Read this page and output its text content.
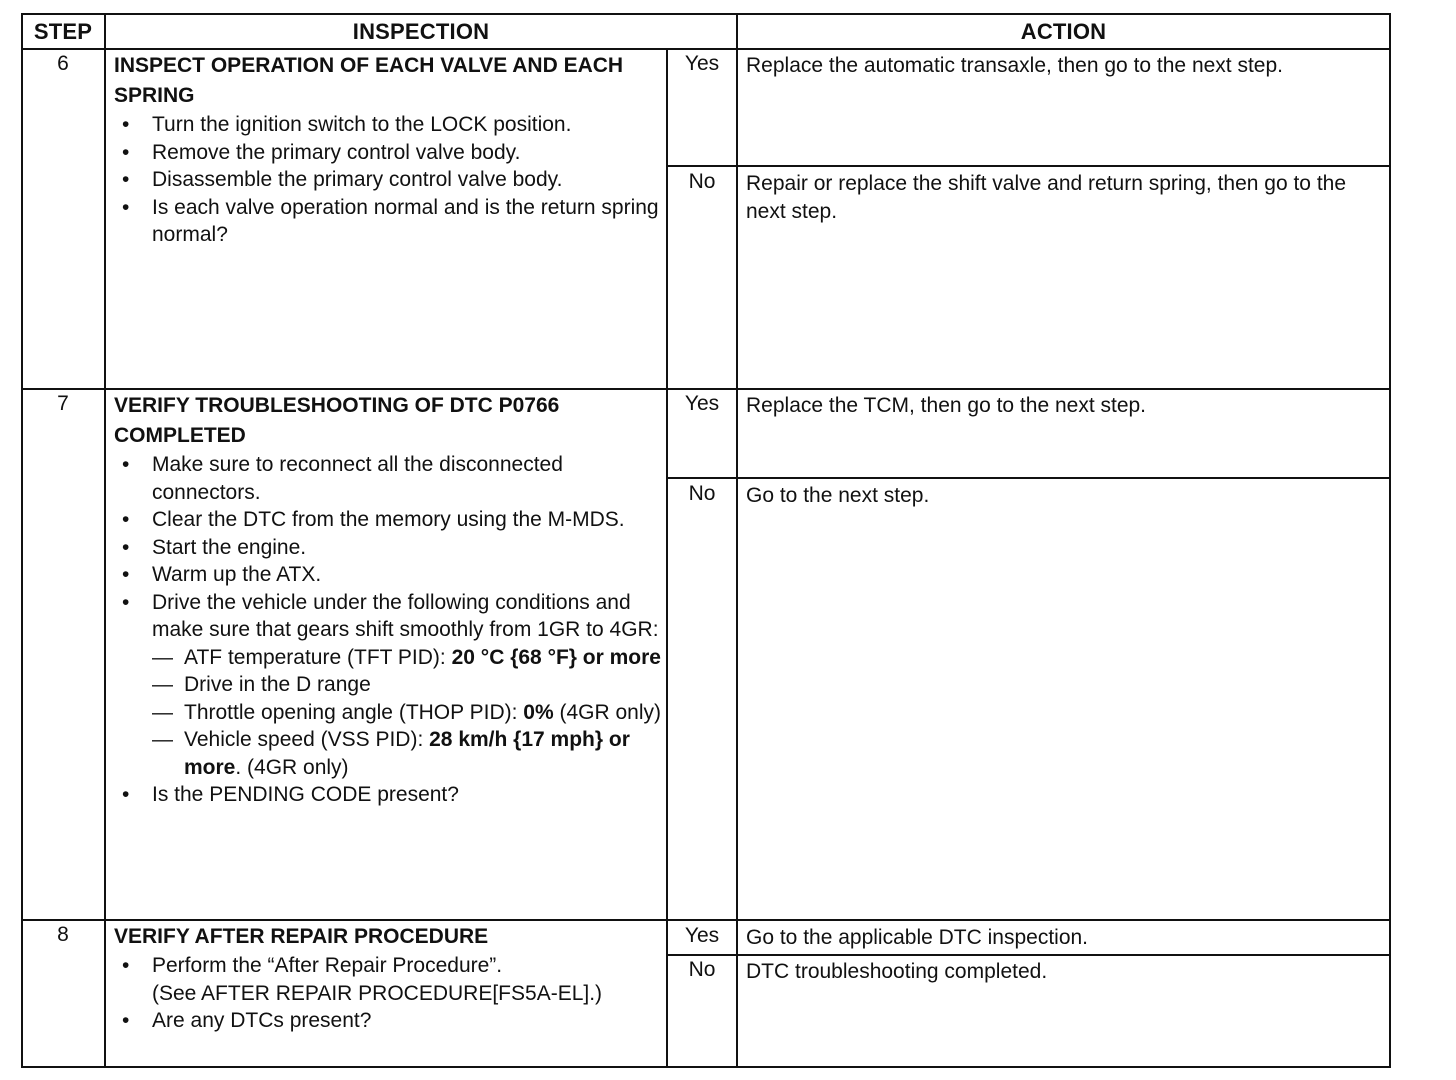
STEP	INSPECTION	ACTION
6	INSPECT OPERATION OF EACH VALVE AND EACH SPRING
• Turn the ignition switch to the LOCK position.
• Remove the primary control valve body.
• Disassemble the primary control valve body.
• Is each valve operation normal and is the return spring normal?
Yes	Replace the automatic transaxle, then go to the next step.
No	Repair or replace the shift valve and return spring, then go to the next step.
7	VERIFY TROUBLESHOOTING OF DTC P0766 COMPLETED
• Make sure to reconnect all the disconnected connectors.
• Clear the DTC from the memory using the M-MDS.
• Start the engine.
• Warm up the ATX.
• Drive the vehicle under the following conditions and make sure that gears shift smoothly from 1GR to 4GR:
— ATF temperature (TFT PID): 20 °C {68 °F} or more
— Drive in the D range
— Throttle opening angle (THOP PID): 0% (4GR only)
— Vehicle speed (VSS PID): 28 km/h {17 mph} or more. (4GR only)
• Is the PENDING CODE present?
Yes	Replace the TCM, then go to the next step.
No	Go to the next step.
8	VERIFY AFTER REPAIR PROCEDURE
• Perform the “After Repair Procedure”.
(See AFTER REPAIR PROCEDURE[FS5A-EL].)
• Are any DTCs present?
Yes	Go to the applicable DTC inspection.
No	DTC troubleshooting completed.
